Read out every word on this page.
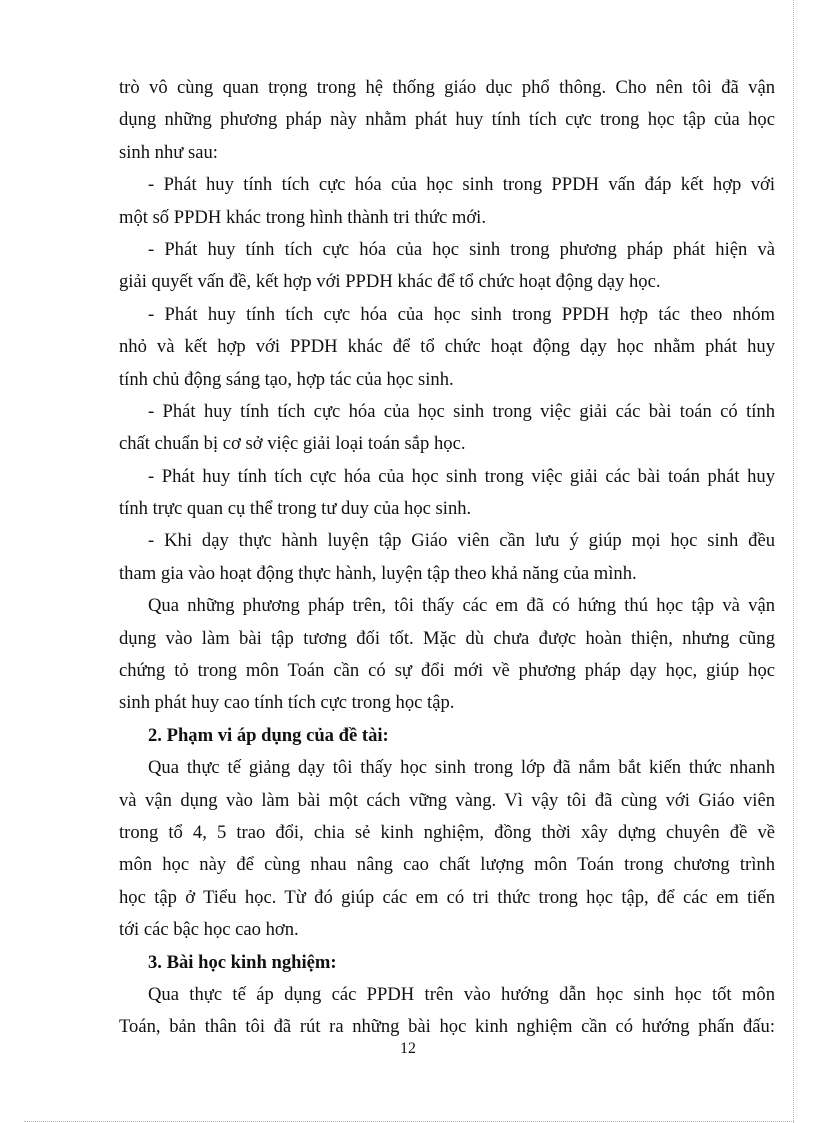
trò vô cùng quan trọng trong hệ thống giáo dục phổ thông. Cho nên tôi đã vận
dụng những phương pháp này nhằm phát huy tính tích cực trong học tập của học
sinh như sau:
- Phát huy tính tích cực hóa của học sinh trong PPDH vấn đáp kết hợp với
một số PPDH khác trong hình thành tri thức mới.
- Phát huy tính tích cực hóa của học sinh trong phương pháp phát hiện và
giải quyết vấn đề, kết hợp với PPDH khác để tổ chức hoạt động dạy học.
- Phát huy tính tích cực hóa của học sinh trong PPDH hợp tác theo nhóm
nhỏ và kết hợp với PPDH khác để tổ chức hoạt động dạy học nhằm phát huy
tính chủ động sáng tạo, hợp tác của học sinh.
- Phát huy tính tích cực hóa của học sinh trong việc giải các bài toán có tính
chất chuẩn bị cơ sở việc giải loại toán sắp học.
- Phát huy tính tích cực hóa của học sinh trong việc giải các bài toán phát huy
tính trực quan cụ thể trong tư duy của học sinh.
- Khi dạy thực hành luyện tập Giáo viên cần lưu ý giúp mọi học sinh đều
tham gia vào hoạt động thực hành, luyện tập theo khả năng của mình.
Qua những phương pháp trên, tôi thấy các em đã có hứng thú học tập và vận
dụng vào làm bài tập tương đối tốt. Mặc dù chưa được hoàn thiện, nhưng cũng
chứng tỏ trong môn Toán cần có sự đổi mới về phương pháp dạy học, giúp học
sinh phát huy cao tính tích cực trong học tập.
2. Phạm vi áp dụng của đề tài:
Qua thực tế giảng dạy tôi thấy học sinh trong lớp đã nắm bắt kiến thức nhanh
và vận dụng vào làm bài một cách vững vàng. Vì vậy tôi đã cùng với Giáo viên
trong tổ 4, 5 trao đổi, chia sẻ kinh nghiệm, đồng thời xây dựng chuyên đề về
môn học này để cùng nhau nâng cao chất lượng môn Toán trong chương trình
học tập ở Tiểu học. Từ đó giúp các em có tri thức trong học tập, để các em tiến
tới các bậc học cao hơn.
3. Bài học kinh nghiệm:
Qua thực tế áp dụng các PPDH trên vào hướng dẫn học sinh học tốt môn
Toán, bản thân tôi đã rút ra những bài học kinh nghiệm cần có hướng phấn đấu:
12
